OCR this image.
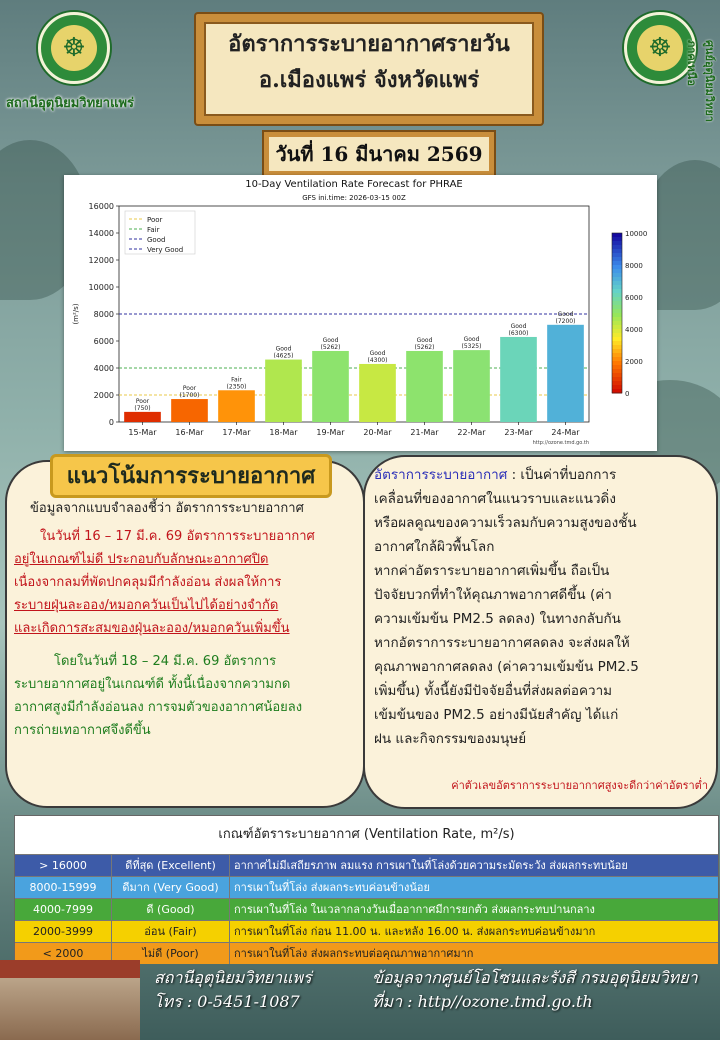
☸
สถานีอุตุนิยมวิทยาแพร่
☸	ศูนย์อุตุนิยมวิทยาภาคเหนือ
อัตราการระบายอากาศรายวัน
อ.เมืองแพร่ จังหวัดแพร่
วันที่ 16 มีนาคม 2569
10-Day Ventilation Rate Forecast for PHRAE
GFS ini.time: 2026-03-15 00Z
0
2000
4000
6000
8000
10000
12000
14000
16000
(m²/s)
Poor
(750)
15-Mar
Poor
(1700)
16-Mar
Fair
(2350)
17-Mar
Good
(4625)
18-Mar
Good
(5262)
19-Mar
Good
(4300)
20-Mar
Good
(5262)
21-Mar
Good
(5325)
22-Mar
Good
(6300)
23-Mar
Good
(7200)
24-Mar
Poor
Fair
Good
Very Good
0
2000
4000
6000
8000
10000
http://ozone.tmd.go.th
แนวโน้มการระบายอากาศ
ข้อมูลจากแบบจำลองชี้ว่า อัตราการระบายอากาศ
ในวันที่ 16 – 17 มี.ค. 69 อัตราการระบายอากาศ
อยู่ในเกณฑ์ไม่ดี ประกอบกับลักษณะอากาศปิด
เนื่องจากลมที่พัดปกคลุมมีกำลังอ่อน ส่งผลให้การ
ระบายฝุ่นละออง/หมอกควันเป็นไปได้อย่างจำกัด
และเกิดการสะสมของฝุ่นละออง/หมอกควันเพิ่มขึ้น
โดยในวันที่ 18 – 24 มี.ค. 69 อัตราการ
ระบายอากาศอยู่ในเกณฑ์ดี ทั้งนี้เนื่องจากความกด
อากาศสูงมีกำลังอ่อนลง การจมตัวของอากาศน้อยลง
การถ่ายเทอากาศจึงดีขึ้น
อัตราการระบายอากาศ : เป็นค่าที่บอกการ
เคลื่อนที่ของอากาศในแนวราบและแนวดิ่ง
หรือผลคูณของความเร็วลมกับความสูงของชั้น
อากาศใกล้ผิวพื้นโลก
หากค่าอัตราระบายอากาศเพิ่มขึ้น ถือเป็น
ปัจจัยบวกที่ทำให้คุณภาพอากาศดีขึ้น (ค่า
ความเข้มข้น PM2.5 ลดลง) ในทางกลับกัน
หากอัตราการระบายอากาศลดลง จะส่งผลให้
คุณภาพอากาศลดลง (ค่าความเข้มข้น PM2.5
เพิ่มขึ้น) ทั้งนี้ยังมีปัจจัยอื่นที่ส่งผลต่อความ
เข้มข้นของ PM2.5 อย่างมีนัยสำคัญ ได้แก่
ฝน และกิจกรรมของมนุษย์
ค่าตัวเลขอัตราการระบายอากาศสูงจะดีกว่าค่าอัตราต่ำ
เกณฑ์อัตราระบายอากาศ (Ventilation Rate, m²/s)
> 16000	ดีที่สุด (Excellent)	อากาศไม่มีเสถียรภาพ ลมแรง การเผาในที่โล่งด้วยความระมัดระวัง ส่งผลกระทบน้อย
8000-15999	ดีมาก (Very Good)	การเผาในที่โล่ง ส่งผลกระทบค่อนข้างน้อย
4000-7999	ดี (Good)	การเผาในที่โล่ง ในเวลากลางวันเมื่ออากาศมีการยกตัว ส่งผลกระทบปานกลาง
2000-3999	อ่อน (Fair)	การเผาในที่โล่ง ก่อน 11.00 น. และหลัง 16.00 น. ส่งผลกระทบค่อนข้างมาก
< 2000	ไม่ดี (Poor)	การเผาในที่โล่ง ส่งผลกระทบต่อคุณภาพอากาศมาก
สถานีอุตุนิยมวิทยาแพร่
โทร : 0-5451-1087
ข้อมูลจากศูนย์โอโซนและรังสี กรมอุตุนิยมวิทยา
ที่มา : http//ozone.tmd.go.th
